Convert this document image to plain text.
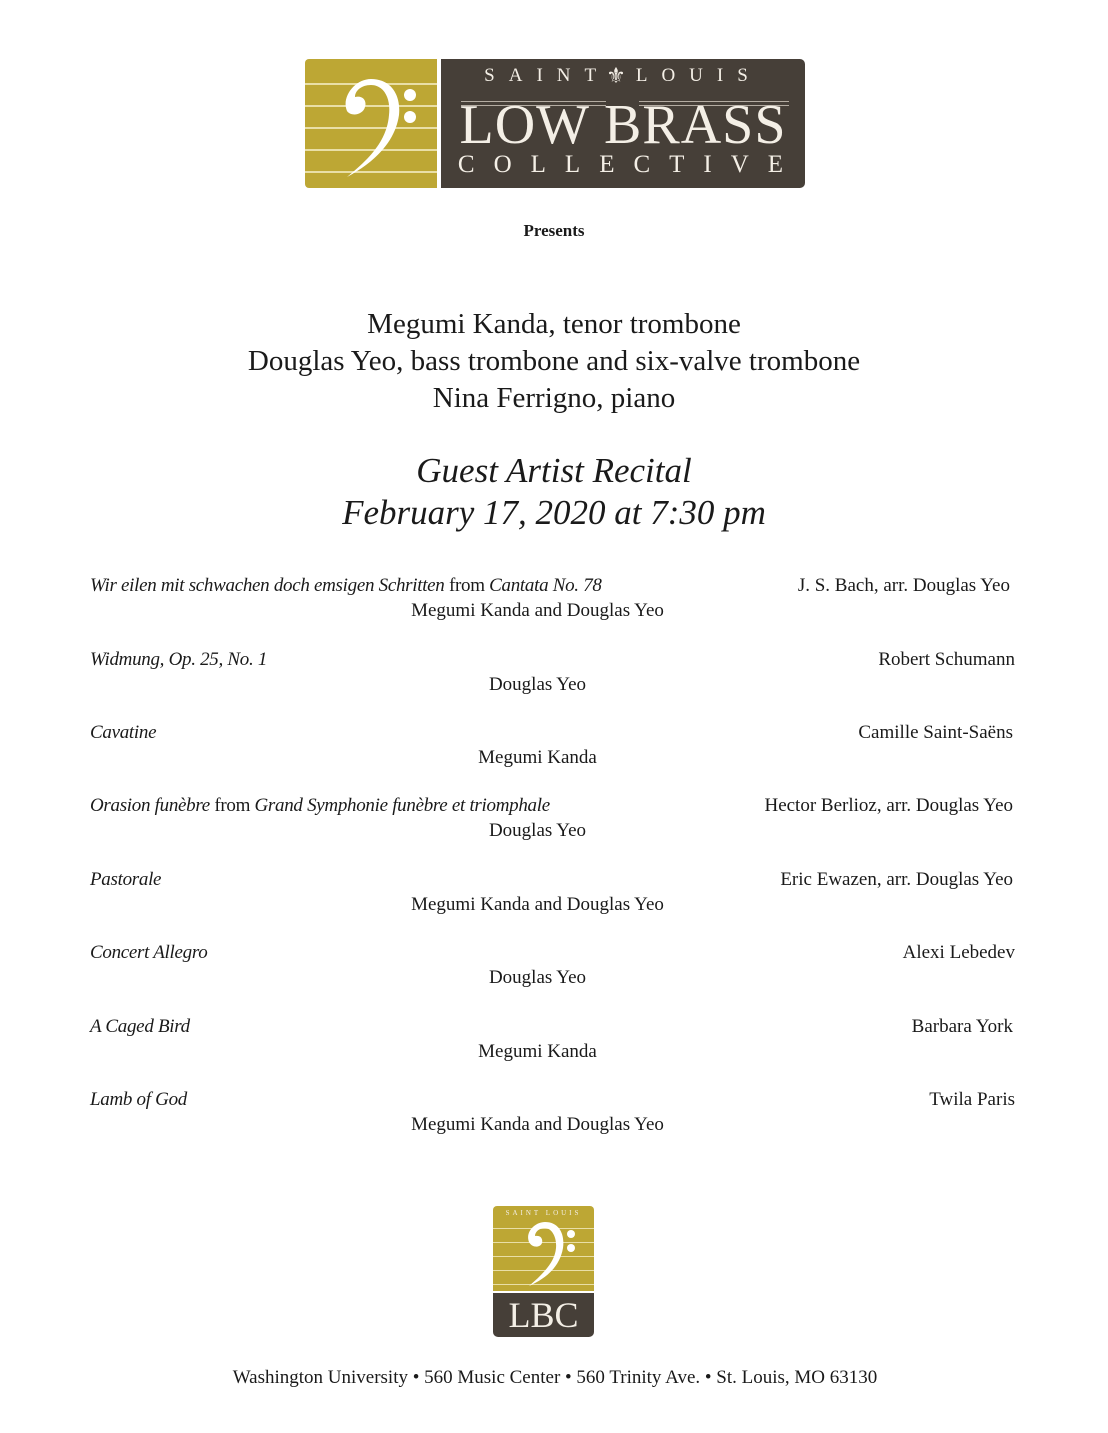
SAINT
⚜ LOUIS
LOW BRASS
COLLECTIVE
Presents
Megumi Kanda, tenor trombone
Douglas Yeo, bass trombone and six-valve trombone
Nina Ferrigno, piano
Guest Artist Recital
February 17, 2020 at 7:30 pm
Wir eilen mit schwachen doch emsigen Schritten from Cantata No. 78	J. S. Bach, arr. Douglas Yeo
Megumi Kanda and Douglas Yeo
Widmung, Op. 25, No. 1	Robert Schumann
Douglas Yeo
Cavatine	Camille Saint-Saëns
Megumi Kanda
Orasion funèbre from Grand Symphonie funèbre et triomphale	Hector Berlioz, arr. Douglas Yeo
Douglas Yeo
Pastorale	Eric Ewazen, arr. Douglas Yeo
Megumi Kanda and Douglas Yeo
Concert Allegro	Alexi Lebedev
Douglas Yeo
A Caged Bird	Barbara York
Megumi Kanda
Lamb of God	Twila Paris
Megumi Kanda and Douglas Yeo
SAINT LOUIS
LBC
Washington University • 560 Music Center • 560 Trinity Ave. • St. Louis, MO 63130
